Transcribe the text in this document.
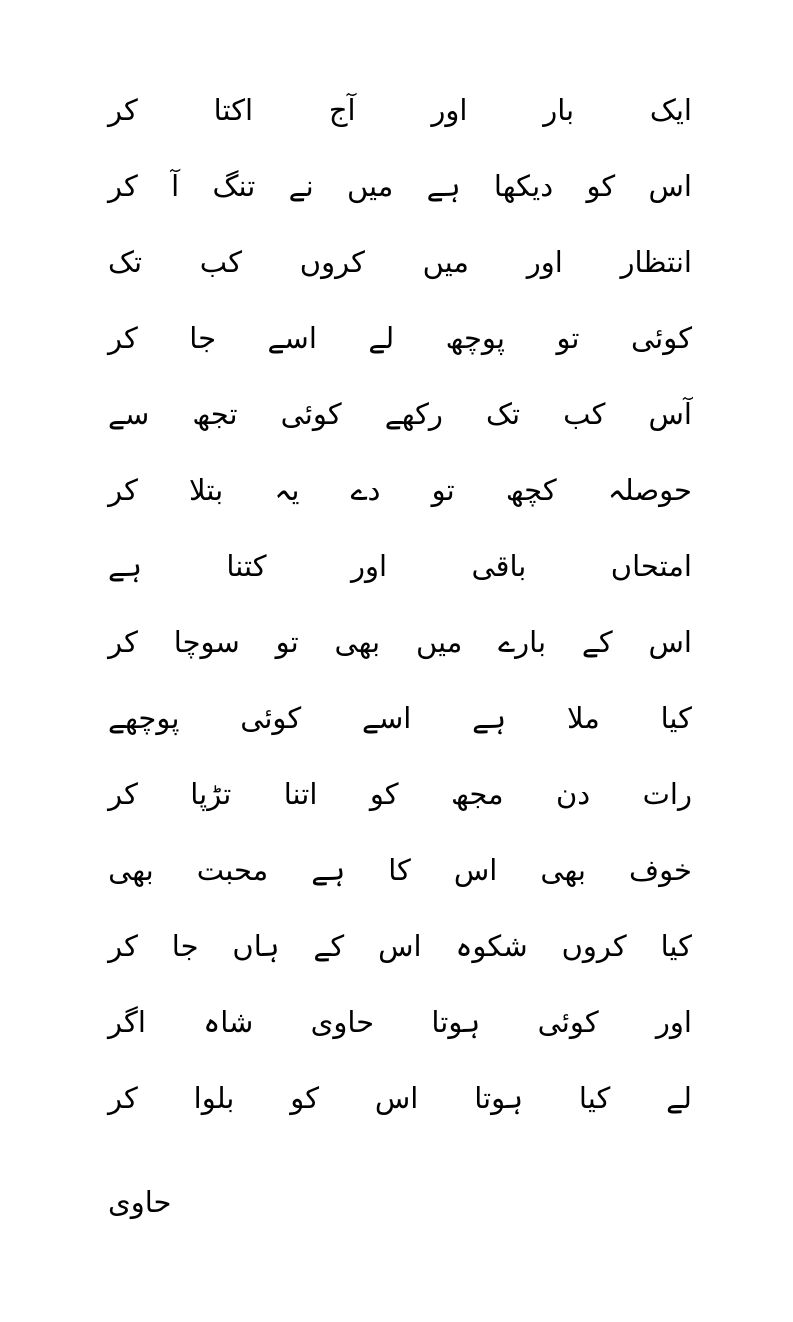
ایک
بار
اور
آج
اکتا
کر
اس
کو
دیکھا
ہے
میں
نے
تنگ
آ
کر
انتظار
اور
میں
کروں
کب
تک
کوئی
تو
پوچھ
لے
اسے
جا
کر
آس
کب
تک
رکھے
کوئی
تجھ
سے
حوصلہ
کچھ
تو
دے
یہ
بتلا
کر
امتحاں
باقی
اور
کتنا
ہے
اس
کے
بارے
میں
بھی
تو
سوچا
کر
کیا
ملا
ہے
اسے
کوئی
پوچھے
رات
دن
مجھ
کو
اتنا
تڑپا
کر
خوف
بھی
اس
کا
ہے
محبت
بھی
کیا
کروں
شکوہ
اس
کے
ہاں
جا
کر
اور
کوئی
ہوتا
حاوی
شاہ
اگر
لے
کیا
ہوتا
اس
کو
بلوا
کر
حاوی
